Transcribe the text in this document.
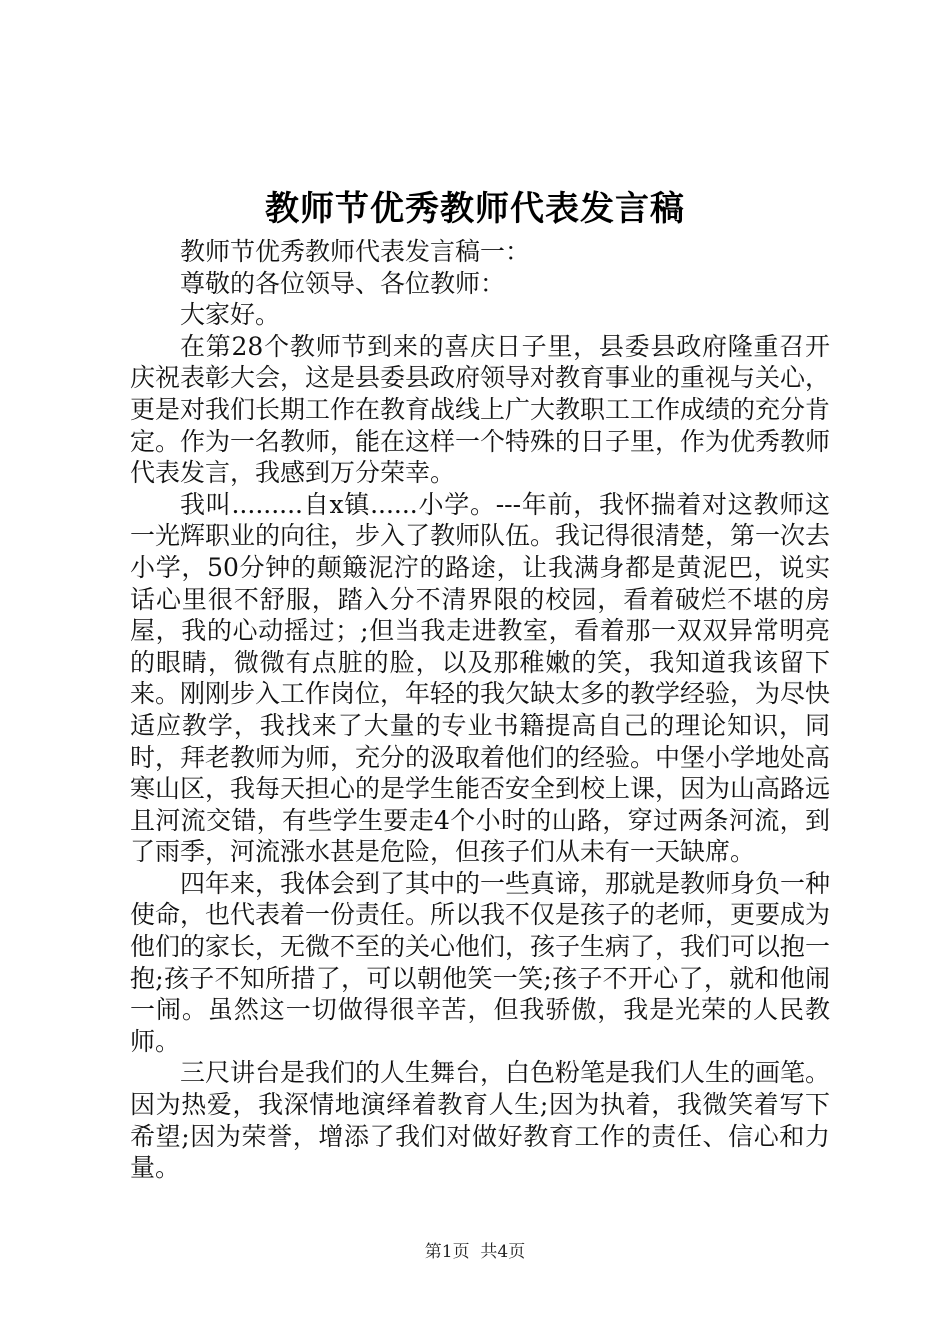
教师节优秀教师代表发言稿

教师节优秀教师代表发言稿一：

尊敬的各位领导、各位教师：

大家好。

在第28个教师节到来的喜庆日子里，县委县政府隆重召开庆祝表彰大会，这是县委县政府领导对教育事业的重视与关心，更是对我们长期工作在教育战线上广大教职工工作成绩的充分肯定。作为一名教师，能在这样一个特殊的日子里，作为优秀教师代表发言，我感到万分荣幸。

我叫.........自x镇......小学。---年前，我怀揣着对这教师这一光辉职业的向往，步入了教师队伍。我记得很清楚，第一次去小学，50分钟的颠簸泥泞的路途，让我满身都是黄泥巴，说实话心里很不舒服，踏入分不清界限的校园，看着破烂不堪的房屋，我的心动摇过；;但当我走进教室，看着那一双双异常明亮的眼睛，微微有点脏的脸，以及那稚嫩的笑，我知道我该留下来。刚刚步入工作岗位，年轻的我欠缺太多的教学经验，为尽快适应教学，我找来了大量的专业书籍提高自己的理论知识，同时，拜老教师为师，充分的汲取着他们的经验。中堡小学地处高寒山区，我每天担心的是学生能否安全到校上课，因为山高路远且河流交错，有些学生要走4个小时的山路，穿过两条河流，到了雨季，河流涨水甚是危险，但孩子们从未有一天缺席。

四年来，我体会到了其中的一些真谛，那就是教师身负一种使命，也代表着一份责任。所以我不仅是孩子的老师，更要成为他们的家长，无微不至的关心他们，孩子生病了，我们可以抱一抱;孩子不知所措了，可以朝他笑一笑;孩子不开心了，就和他闹一闹。虽然这一切做得很辛苦，但我骄傲，我是光荣的人民教师。

三尺讲台是我们的人生舞台，白色粉笔是我们人生的画笔。因为热爱，我深情地演绎着教育人生;因为执着，我微笑着写下希望;因为荣誉，增添了我们对做好教育工作的责任、信心和力量。

第1页 共4页
